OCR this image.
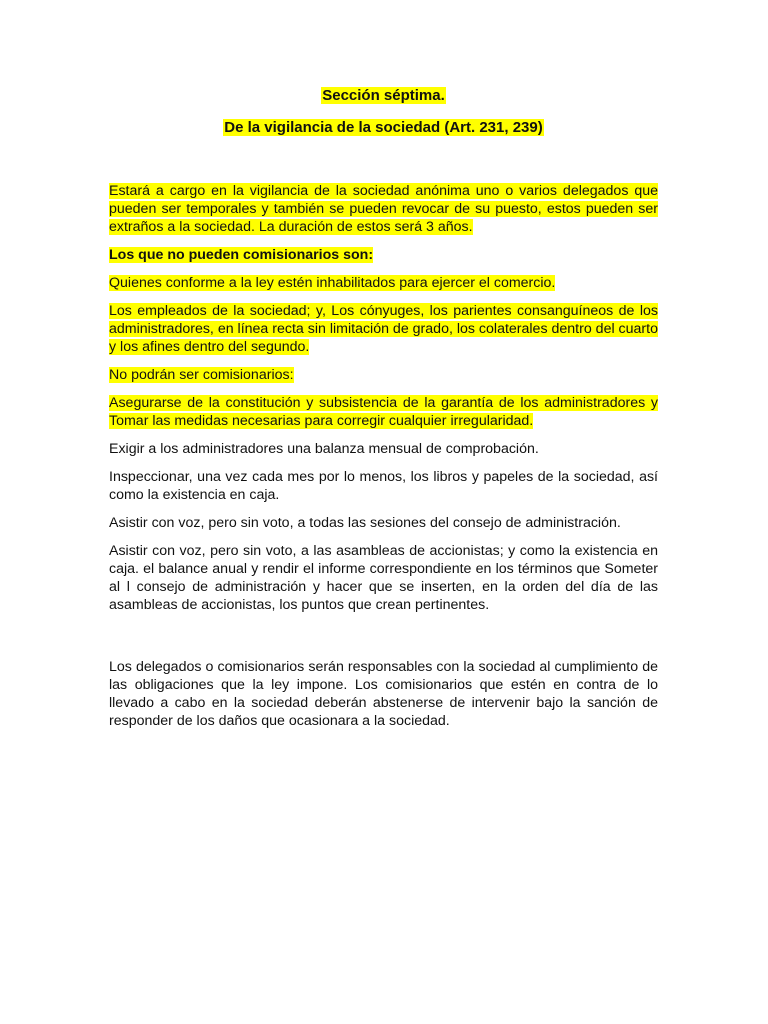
Sección séptima.
De la vigilancia de la sociedad (Art. 231, 239)

Estará a cargo en la vigilancia de la sociedad anónima uno o varios delegados que pueden ser temporales y también se pueden revocar de su puesto, estos pueden ser extraños a la sociedad. La duración de estos será 3 años.

Los que no pueden comisionarios son:

Quienes conforme a la ley estén inhabilitados para ejercer el comercio.

Los empleados de la sociedad; y, Los cónyuges, los parientes consanguíneos de los administradores, en línea recta sin limitación de grado, los colaterales dentro del cuarto y los afines dentro del segundo.

No podrán ser comisionarios:

Asegurarse de la constitución y subsistencia de la garantía de los administradores y Tomar las medidas necesarias para corregir cualquier irregularidad.

Exigir a los administradores una balanza mensual de comprobación.

Inspeccionar, una vez cada mes por lo menos, los libros y papeles de la sociedad, así como la existencia en caja.

Asistir con voz, pero sin voto, a todas las sesiones del consejo de administración.

Asistir con voz, pero sin voto, a las asambleas de accionistas; y como la existencia en caja. el balance anual y rendir el informe correspondiente en los términos que Someter al l consejo de administración y hacer que se inserten, en la orden del día de las asambleas de accionistas, los puntos que crean pertinentes.

Los delegados o comisionarios serán responsables con la sociedad al cumplimiento de las obligaciones que la ley impone. Los comisionarios que estén en contra de lo llevado a cabo en la sociedad deberán abstenerse de intervenir bajo la sanción de responder de los daños que ocasionara a la sociedad.
